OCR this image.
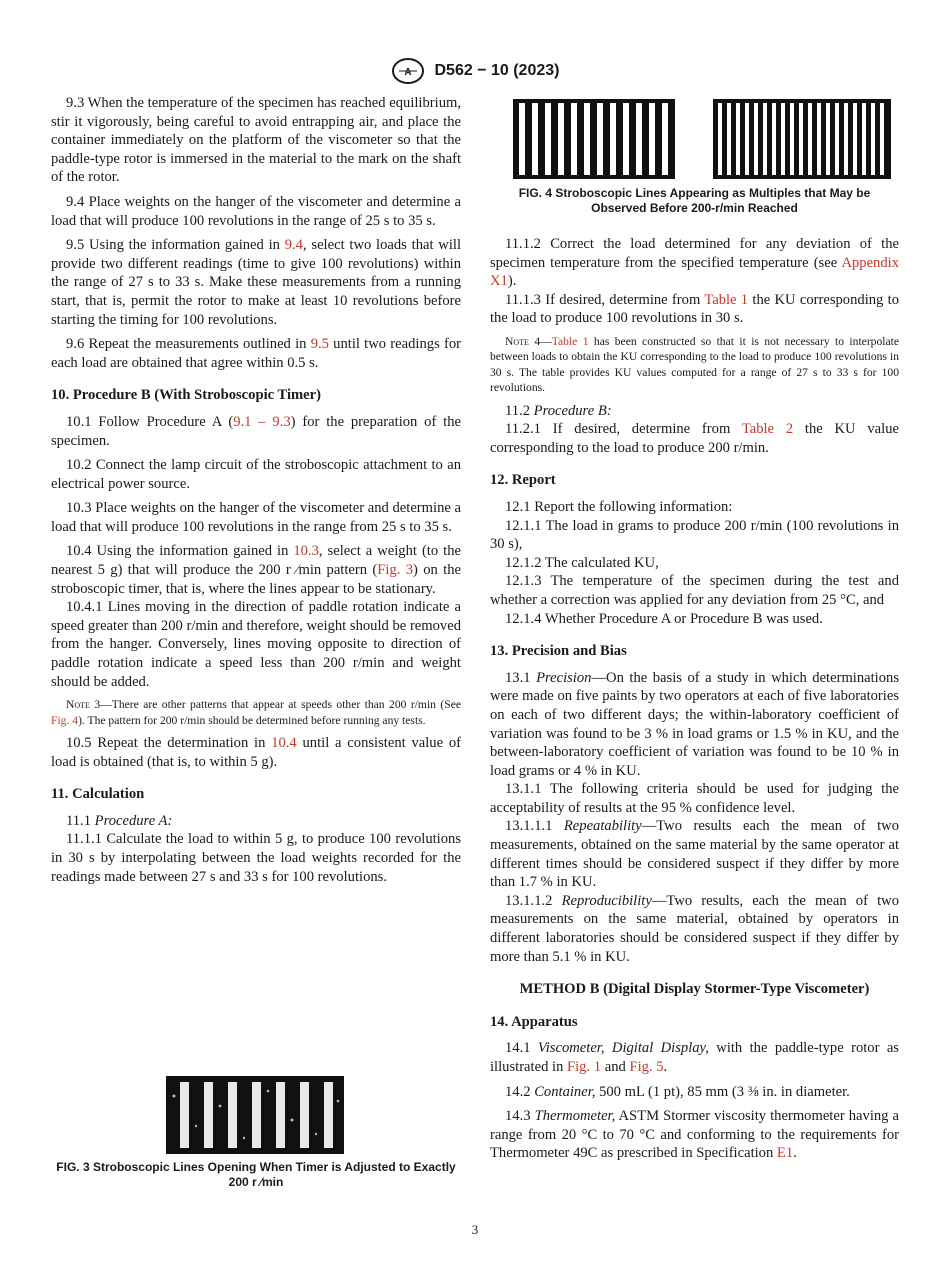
A D562 − 10 (2023)

9.3 When the temperature of the specimen has reached equilibrium, stir it vigorously, being careful to avoid entrapping air, and place the container immediately on the platform of the viscometer so that the paddle-type rotor is immersed in the material to the mark on the shaft of the rotor.

9.4 Place weights on the hanger of the viscometer and determine a load that will produce 100 revolutions in the range of 25 s to 35 s.

9.5 Using the information gained in 9.4, select two loads that will provide two different readings (time to give 100 revolutions) within the range of 27 s to 33 s. Make these measurements from a running start, that is, permit the rotor to make at least 10 revolutions before starting the timing for 100 revolutions.

9.6 Repeat the measurements outlined in 9.5 until two readings for each load are obtained that agree within 0.5 s.

10. Procedure B (With Stroboscopic Timer)

10.1 Follow Procedure A (9.1 – 9.3) for the preparation of the specimen.

10.2 Connect the lamp circuit of the stroboscopic attachment to an electrical power source.

10.3 Place weights on the hanger of the viscometer and determine a load that will produce 100 revolutions in the range from 25 s to 35 s.

10.4 Using the information gained in 10.3, select a weight (to the nearest 5 g) that will produce the 200 r ⁄min pattern (Fig. 3) on the stroboscopic timer, that is, where the lines appear to be stationary.

10.4.1 Lines moving in the direction of paddle rotation indicate a speed greater than 200 r/min and therefore, weight should be removed from the hanger. Conversely, lines moving opposite to direction of paddle rotation indicate a speed less than 200 r/min and weight should be added.

Note 3—There are other patterns that appear at speeds other than 200 r/min (See Fig. 4). The pattern for 200 r/min should be determined before running any tests.

10.5 Repeat the determination in 10.4 until a consistent value of load is obtained (that is, to within 5 g).

11. Calculation

11.1 Procedure A:

11.1.1 Calculate the load to within 5 g, to produce 100 revolutions in 30 s by interpolating between the load weights recorded for the readings made between 27 s and 33 s for 100 revolutions.

FIG. 3 Stroboscopic Lines Opening When Timer is Adjusted to Exactly 200 r ⁄min
FIG. 4 Stroboscopic Lines Appearing as Multiples that May be Observed Before 200-r/min Reached

11.1.2 Correct the load determined for any deviation of the specimen temperature from the specified temperature (see Appendix X1).

11.1.3 If desired, determine from Table 1 the KU corresponding to the load to produce 100 revolutions in 30 s.

Note 4—Table 1 has been constructed so that it is not necessary to interpolate between loads to obtain the KU corresponding to the load to produce 100 revolutions in 30 s. The table provides KU values computed for a range of 27 s to 33 s for 100 revolutions.

11.2 Procedure B:

11.2.1 If desired, determine from Table 2 the KU value corresponding to the load to produce 200 r/min.

12. Report

12.1 Report the following information:

12.1.1 The load in grams to produce 200 r/min (100 revolutions in 30 s),

12.1.2 The calculated KU,

12.1.3 The temperature of the specimen during the test and whether a correction was applied for any deviation from 25 °C, and

12.1.4 Whether Procedure A or Procedure B was used.

13. Precision and Bias

13.1 Precision—On the basis of a study in which determinations were made on five paints by two operators at each of five laboratories on each of two different days; the within-laboratory coefficient of variation was found to be 3 % in load grams or 1.5 % in KU, and the between-laboratory coefficient of variation was found to be 10 % in load grams or 4 % in KU.

13.1.1 The following criteria should be used for judging the acceptability of results at the 95 % confidence level.

13.1.1.1 Repeatability—Two results each the mean of two measurements, obtained on the same material by the same operator at different times should be considered suspect if they differ by more than 1.7 % in KU.

13.1.1.2 Reproducibility—Two results, each the mean of two measurements on the same material, obtained by operators in different laboratories should be considered suspect if they differ by more than 5.1 % in KU.

METHOD B (Digital Display Stormer-Type Viscometer)
14. Apparatus

14.1 Viscometer, Digital Display, with the paddle-type rotor as illustrated in Fig. 1 and Fig. 5.

14.2 Container, 500 mL (1 pt), 85 mm (3 ⅜ in. in diameter.

14.3 Thermometer, ASTM Stormer viscosity thermometer having a range from 20 °C to 70 °C and conforming to the requirements for Thermometer 49C as prescribed in Specification E1.

3
